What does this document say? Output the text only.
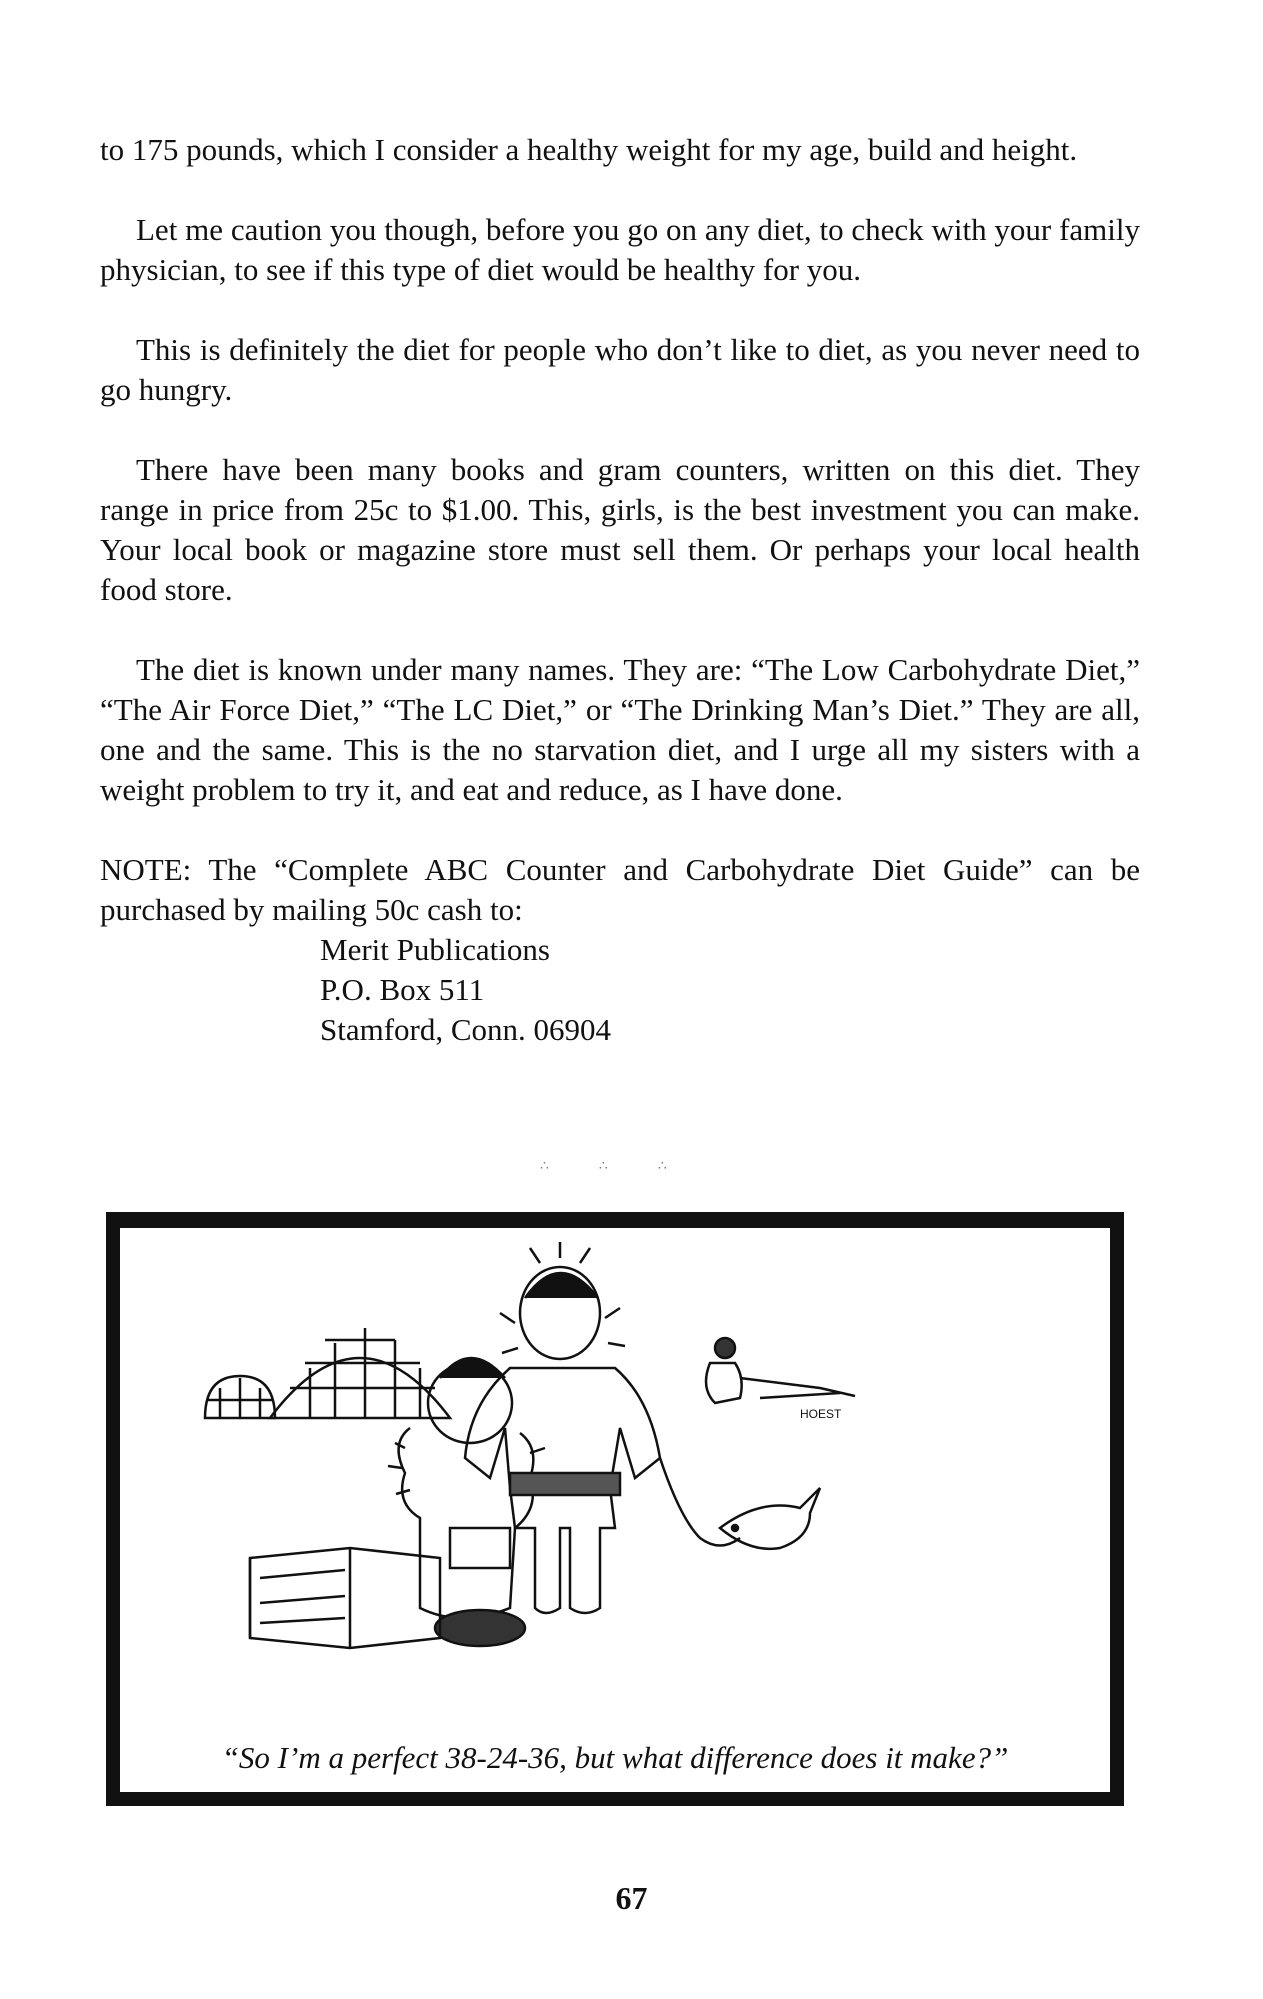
to 175 pounds, which I consider a healthy weight for my age, build and height.

Let me caution you though, before you go on any diet, to check with your family physician, to see if this type of diet would be healthy for you.

This is definitely the diet for people who don’t like to diet, as you never need to go hungry.

There have been many books and gram counters, written on this diet. They range in price from 25c to $1.00. This, girls, is the best investment you can make. Your local book or magazine store must sell them. Or perhaps your local health food store.

The diet is known under many names. They are: “The Low Carbohydrate Diet,” “The Air Force Diet,” “The LC Diet,” or “The Drinking Man’s Diet.” They are all, one and the same. This is the no starvation diet, and I urge all my sisters with a weight problem to try it, and eat and reduce, as I have done.

NOTE: The “Complete ABC Counter and Carbohydrate Diet Guide” can be purchased by mailing 50c cash to:

Merit Publications
P.O. Box 511
Stamford, Conn. 06904
∴∴∴
HOEST
“So I’m a perfect 38-24-36, but what difference does it make?”
67
